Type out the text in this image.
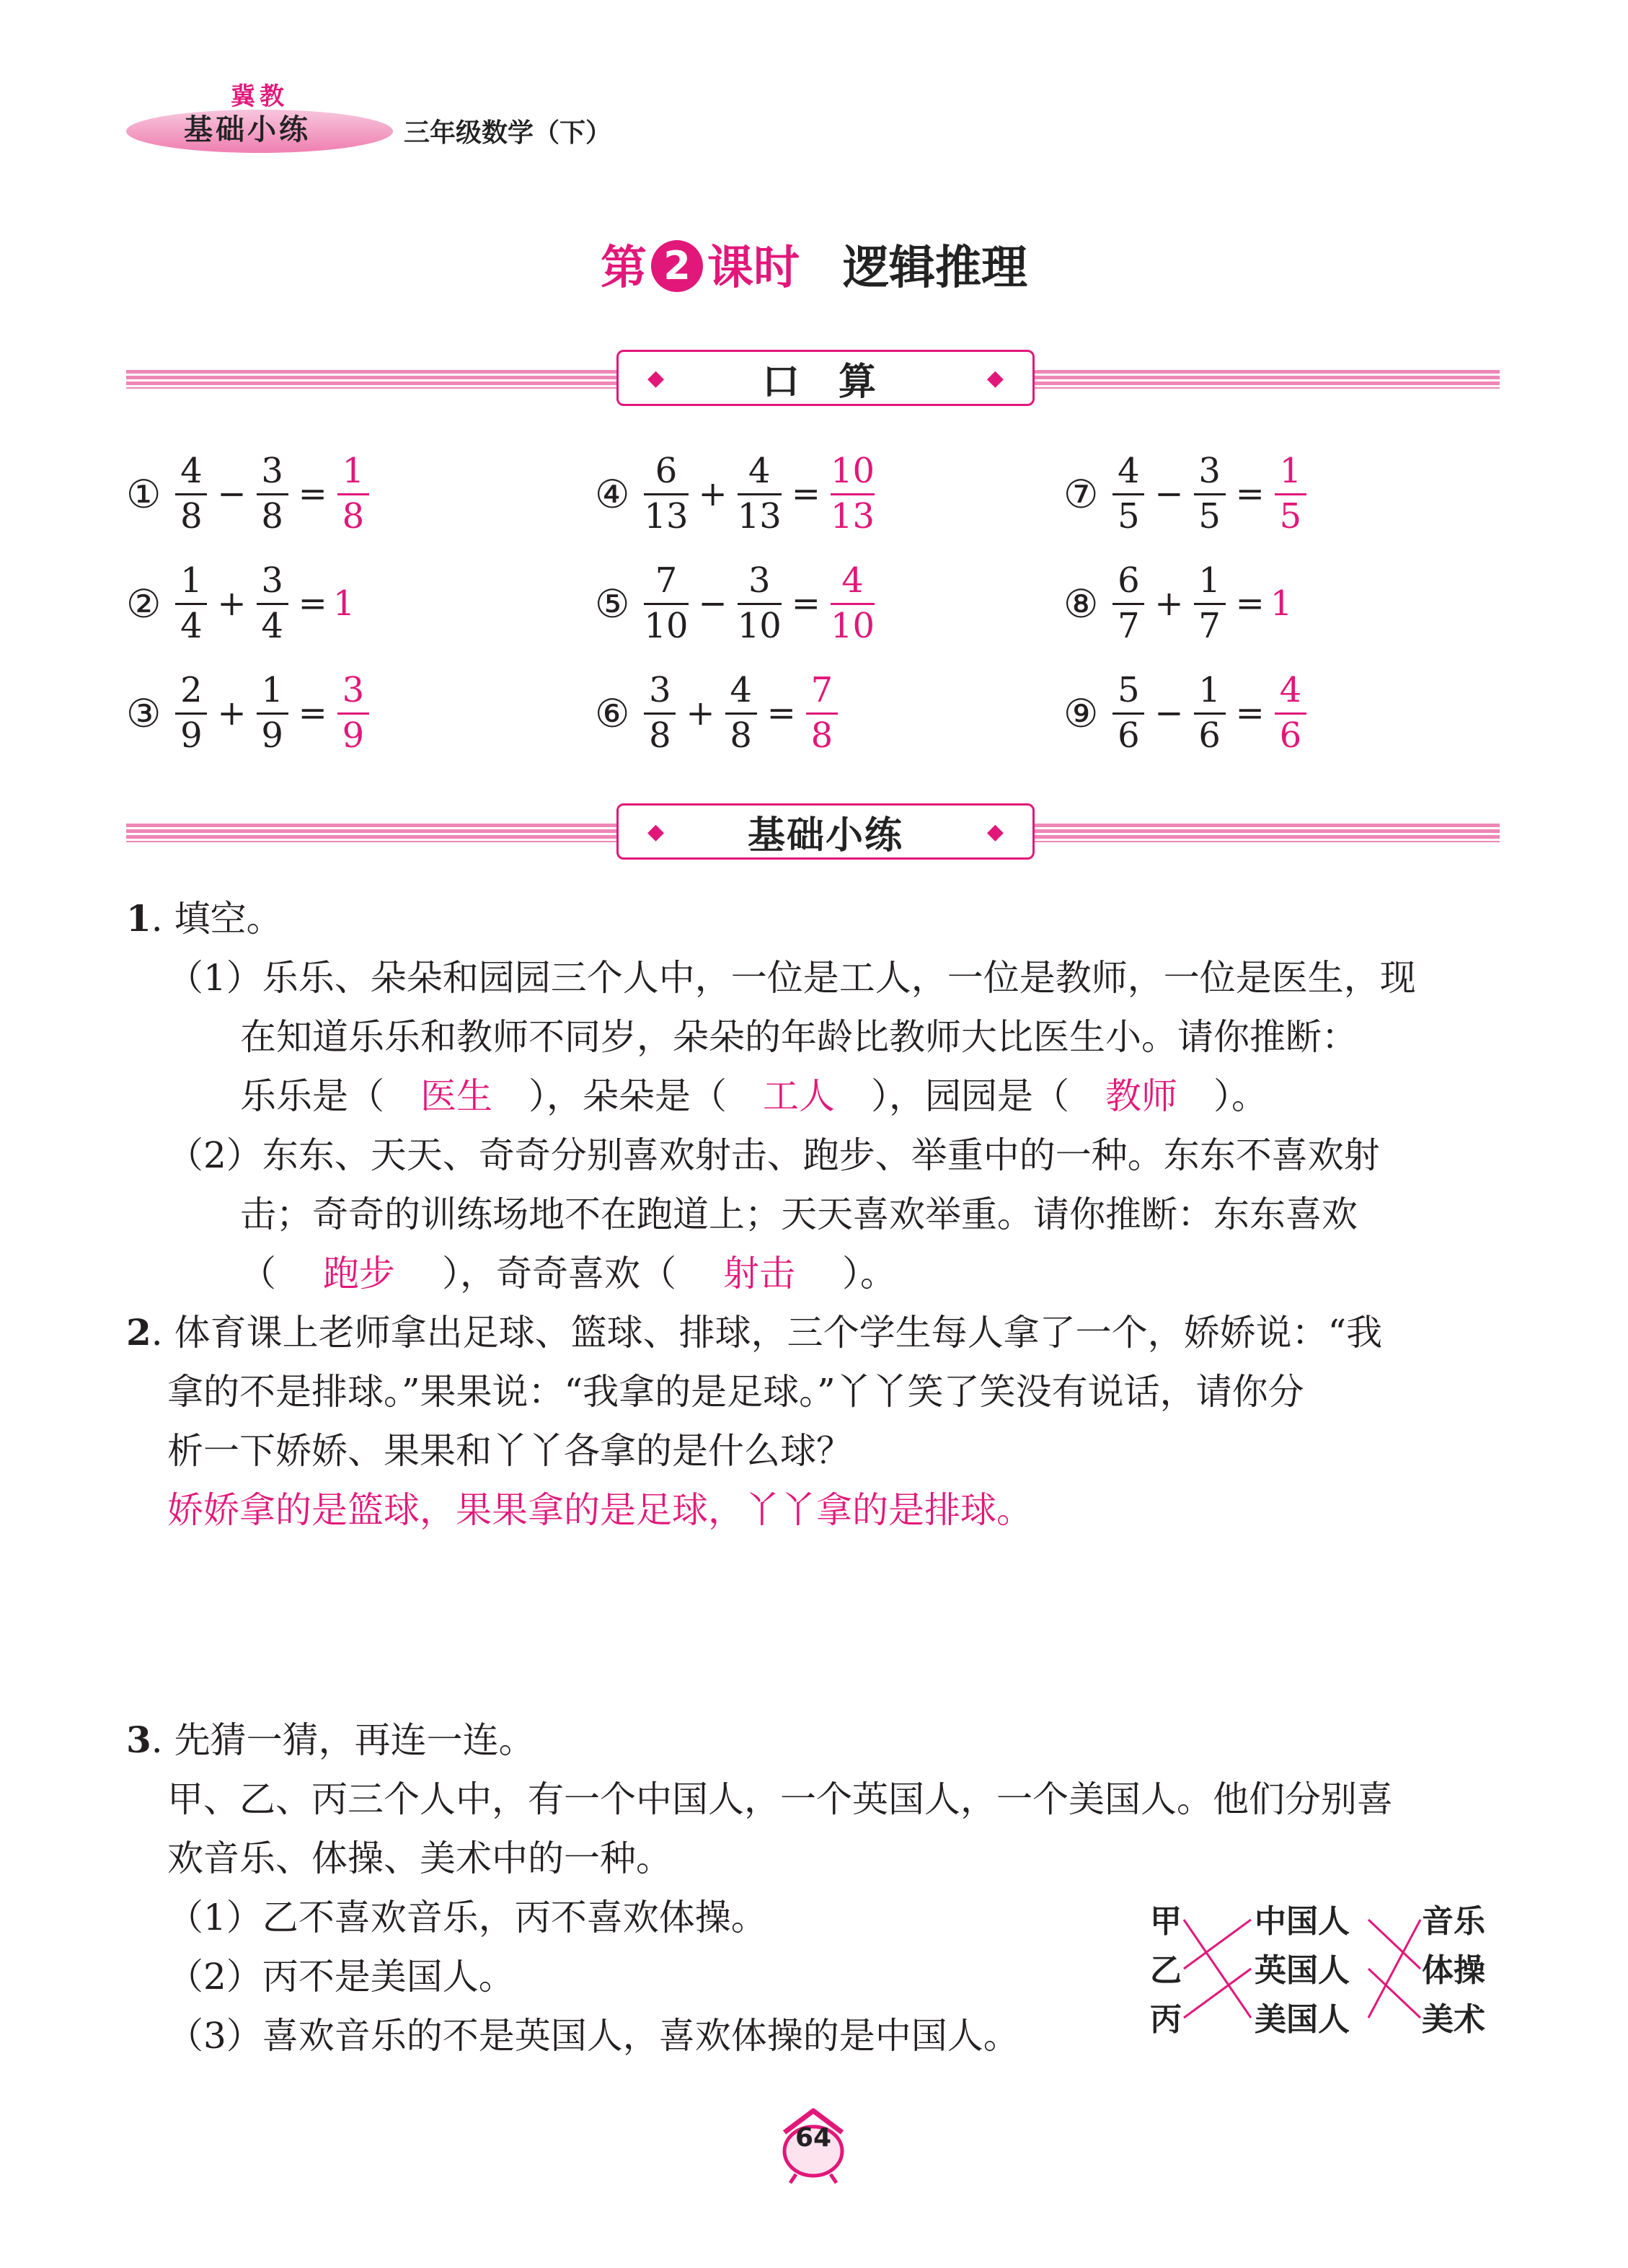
冀教
基础小练	三年级数学（下）
第 2 课时 逻辑推理
◆	口 算	◆
① $\frac{4}{8} - \frac{3}{8} = \frac{1}{8}$
② $\frac{1}{4} + \frac{3}{4} = 1$
③ $\frac{2}{9} + \frac{1}{9} = \frac{3}{9}$
④ $\frac{6}{13} + \frac{4}{13} = \frac{10}{13}$
⑤ $\frac{7}{10} - \frac{3}{10} = \frac{4}{10}$
⑥ $\frac{3}{8} + \frac{4}{8} = \frac{7}{8}$
⑦ $\frac{4}{5} - \frac{3}{5} = \frac{1}{5}$
⑧ $\frac{6}{7} + \frac{1}{7} = 1$
⑨ $\frac{5}{6} - \frac{1}{6} = \frac{4}{6}$
◆ 基础小练	◆
1. 填空。
（1）乐乐、朵朵和园园三个人中，一位是工人，一位是教师，一位是医生，现
在知道乐乐和教师不同岁，朵朵的年龄比教师大比医生小。请你推断：
乐乐是（ 医生 ），朵朵是（ 工人 ），园园是（ 教师 ）。
（2）东东、天天、奇奇分别喜欢射击、跑步、举重中的一种。东东不喜欢射
击；奇奇的训练场地不在跑道上；天天喜欢举重。请你推断：东东喜欢
（ 跑步 ），奇奇喜欢（ 射击 ）。
2. 体育课上老师拿出足球、篮球、排球，三个学生每人拿了一个，娇娇说：“我
拿的不是排球。”果果说：“我拿的是足球。”丫丫笑了笑没有说话，请你分
析一下娇娇、果果和丫丫各拿的是什么球？
娇娇拿的是篮球，果果拿的是足球，丫丫拿的是排球。
3. 先猜一猜，再连一连。
甲、乙、丙三个人中，有一个中国人，一个英国人，一个美国人。他们分别喜
欢音乐、体操、美术中的一种。
（1）乙不喜欢音乐，丙不喜欢体操。
（2）丙不是美国人。
（3）喜欢音乐的不是英国人，喜欢体操的是中国人。
甲
乙
丙
中国人
英国人
美国人
音乐
体操
美术
64
